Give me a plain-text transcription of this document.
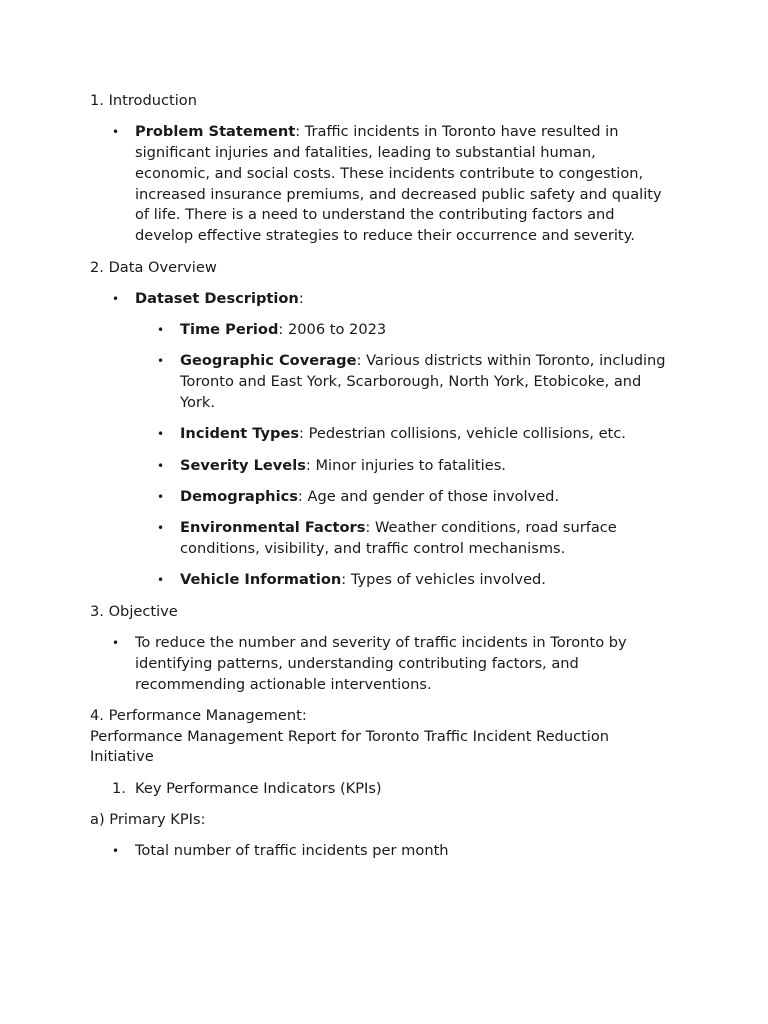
1. Introduction
• Problem Statement: Traffic incidents in Toronto have resulted in significant injuries and fatalities, leading to substantial human, economic, and social costs. These incidents contribute to congestion, increased insurance premiums, and decreased public safety and quality of life. There is a need to understand the contributing factors and develop effective strategies to reduce their occurrence and severity.
2. Data Overview
• Dataset Description:
• Time Period: 2006 to 2023
• Geographic Coverage: Various districts within Toronto, including Toronto and East York, Scarborough, North York, Etobicoke, and York.
• Incident Types: Pedestrian collisions, vehicle collisions, etc.
• Severity Levels: Minor injuries to fatalities.
• Demographics: Age and gender of those involved.
• Environmental Factors: Weather conditions, road surface conditions, visibility, and traffic control mechanisms.
• Vehicle Information: Types of vehicles involved.
3. Objective
• To reduce the number and severity of traffic incidents in Toronto by identifying patterns, understanding contributing factors, and recommending actionable interventions.
4. Performance Management:
Performance Management Report for Toronto Traffic Incident Reduction Initiative
1. Key Performance Indicators (KPIs)
a) Primary KPIs:
• Total number of traffic incidents per month
